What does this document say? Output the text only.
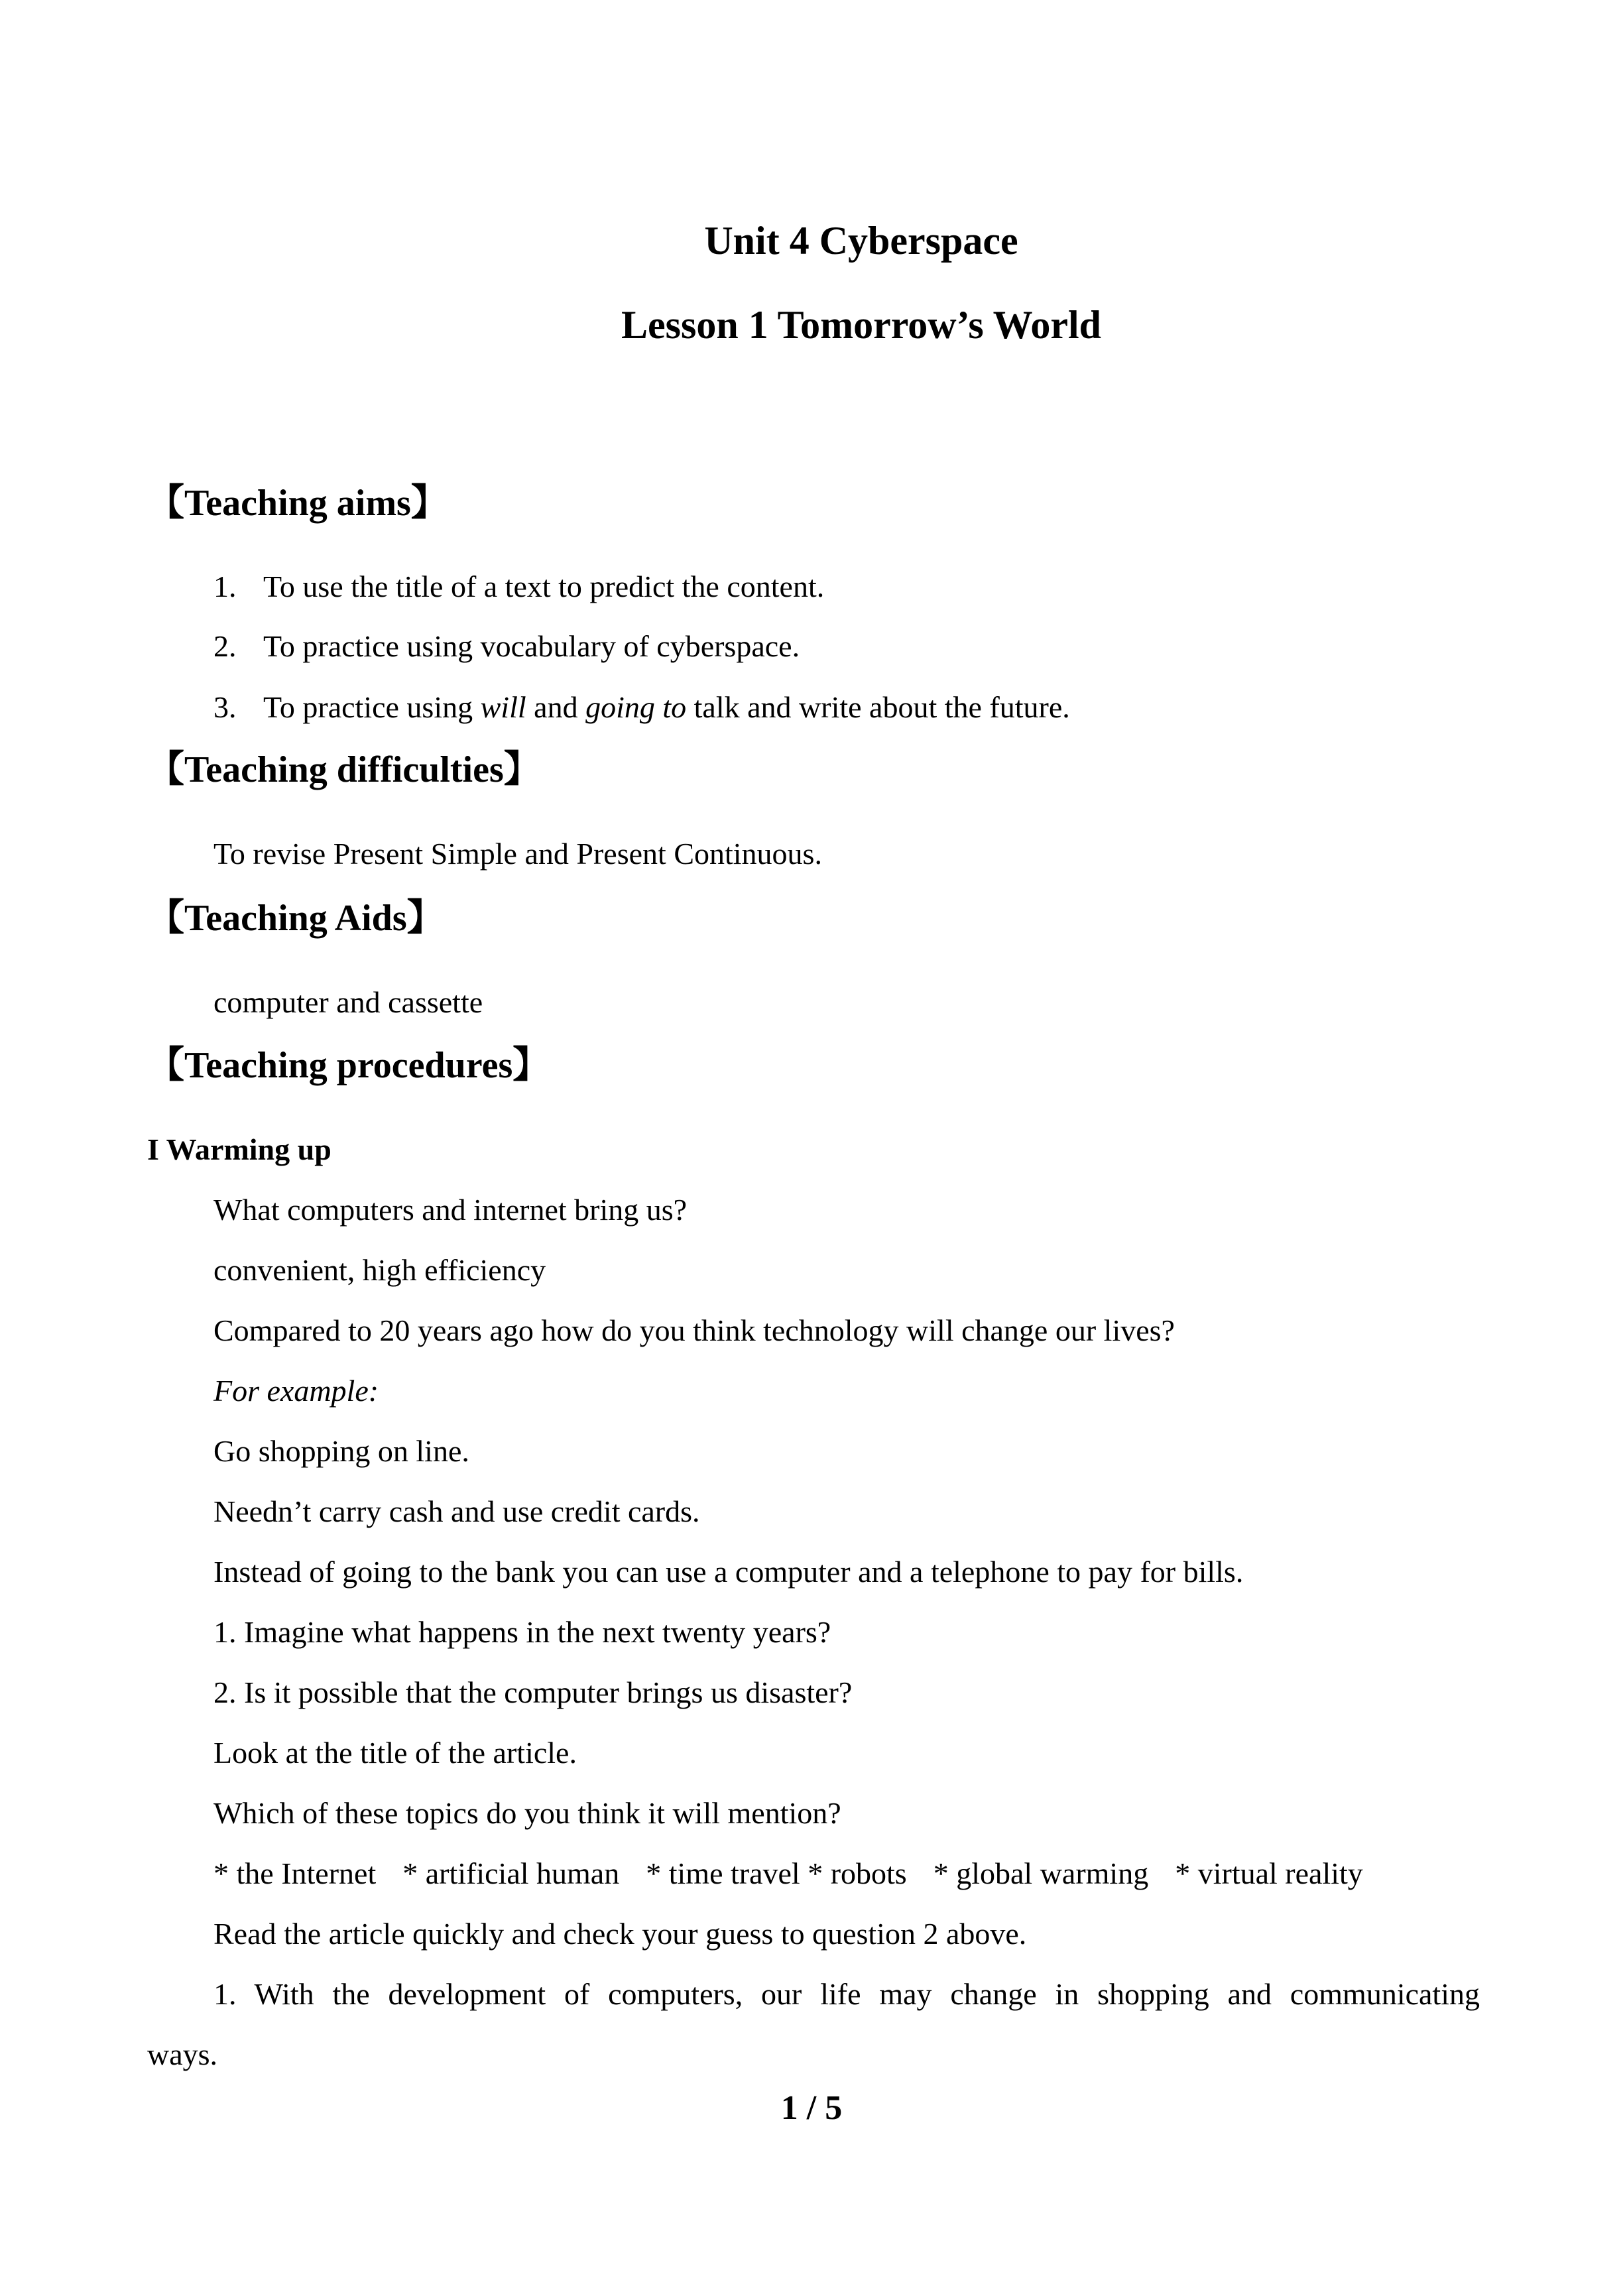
Unit 4 Cyberspace
Lesson 1 Tomorrow’s World
【Teaching aims】
1. To use the title of a text to predict the content.
2. To practice using vocabulary of cyberspace.
3. To practice using will and going to talk and write about the future.
【Teaching difficulties】
To revise Present Simple and Present Continuous.
【Teaching Aids】
computer and cassette
【Teaching procedures】
I Warming up
What computers and internet bring us?
convenient, high efficiency
Compared to 20 years ago how do you think technology will change our lives?
For example:
Go shopping on line.
Needn’t carry cash and use credit cards.
Instead of going to the bank you can use a computer and a telephone to pay for bills.
1. Imagine what happens in the next twenty years?
2. Is it possible that the computer brings us disaster?
Look at the title of the article.
Which of these topics do you think it will mention?
* the Internet * artificial human * time travel * robots * global warming * virtual reality
Read the article quickly and check your guess to question 2 above.
1. With the development of computers, our life may change in shopping and communicating
ways.
1 / 5
